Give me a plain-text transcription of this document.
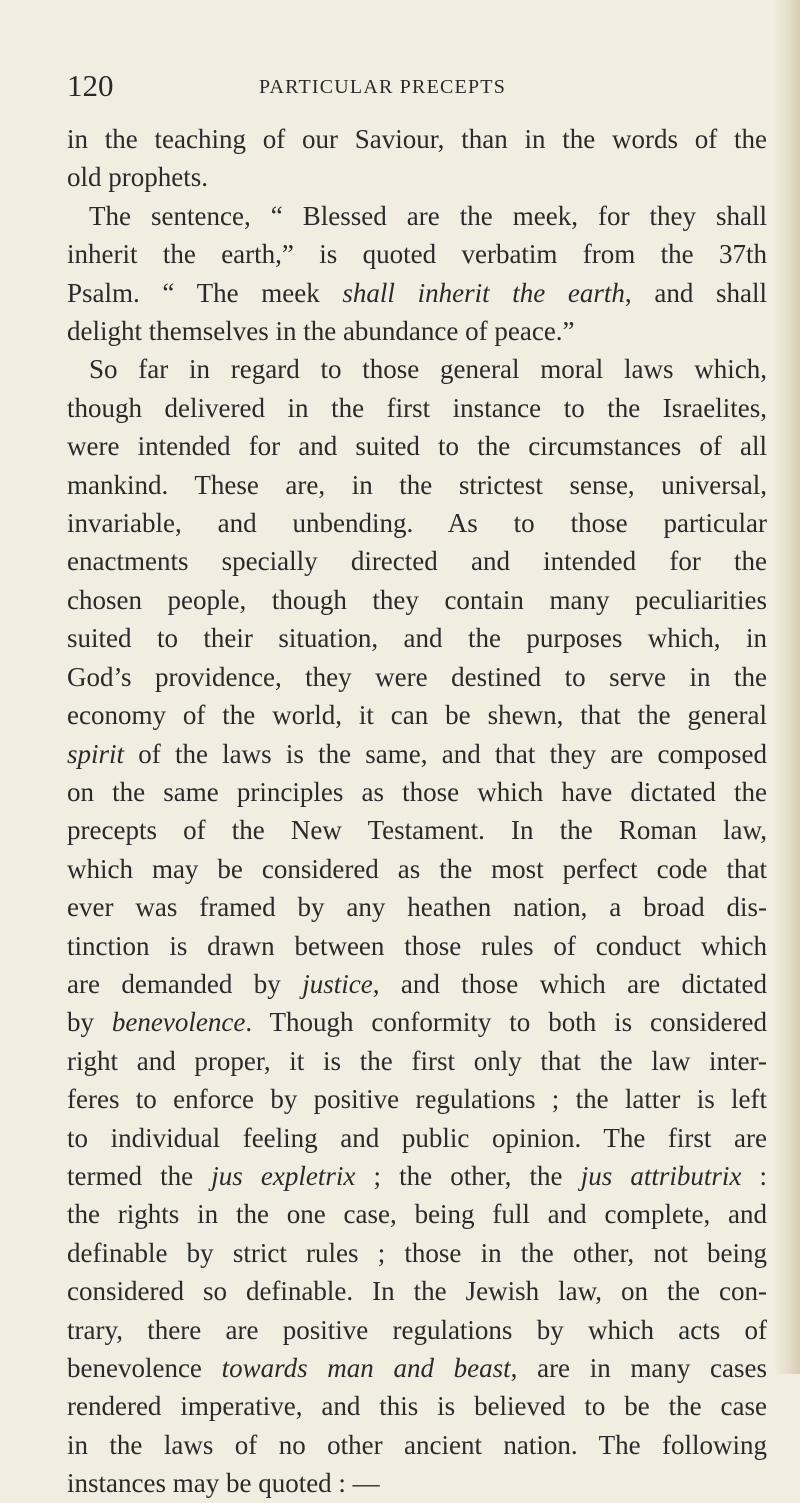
120	PARTICULAR PRECEPTS
in the teaching of our Saviour, than in the words of the
old prophets.
The sentence, “ Blessed are the meek, for they shall
inherit the earth,” is quoted verbatim from the 37th
Psalm. “ The meek shall inherit the earth, and shall
delight themselves in the abundance of peace.”
So far in regard to those general moral laws which,
though delivered in the first instance to the Israelites,
were intended for and suited to the circumstances of all
mankind. These are, in the strictest sense, universal,
invariable, and unbending. As to those particular
enactments specially directed and intended for the
chosen people, though they contain many peculiarities
suited to their situation, and the purposes which, in
God’s providence, they were destined to serve in the
economy of the world, it can be shewn, that the general
spirit of the laws is the same, and that they are composed
on the same principles as those which have dictated the
precepts of the New Testament. In the Roman law,
which may be considered as the most perfect code that
ever was framed by any heathen nation, a broad dis-
tinction is drawn between those rules of conduct which
are demanded by justice, and those which are dictated
by benevolence. Though conformity to both is considered
right and proper, it is the first only that the law inter-
feres to enforce by positive regulations ; the latter is left
to individual feeling and public opinion. The first are
termed the jus expletrix ; the other, the jus attributrix :
the rights in the one case, being full and complete, and
definable by strict rules ; those in the other, not being
considered so definable. In the Jewish law, on the con-
trary, there are positive regulations by which acts of
benevolence towards man and beast, are in many cases
rendered imperative, and this is believed to be the case
in the laws of no other ancient nation. The following
instances may be quoted : —
